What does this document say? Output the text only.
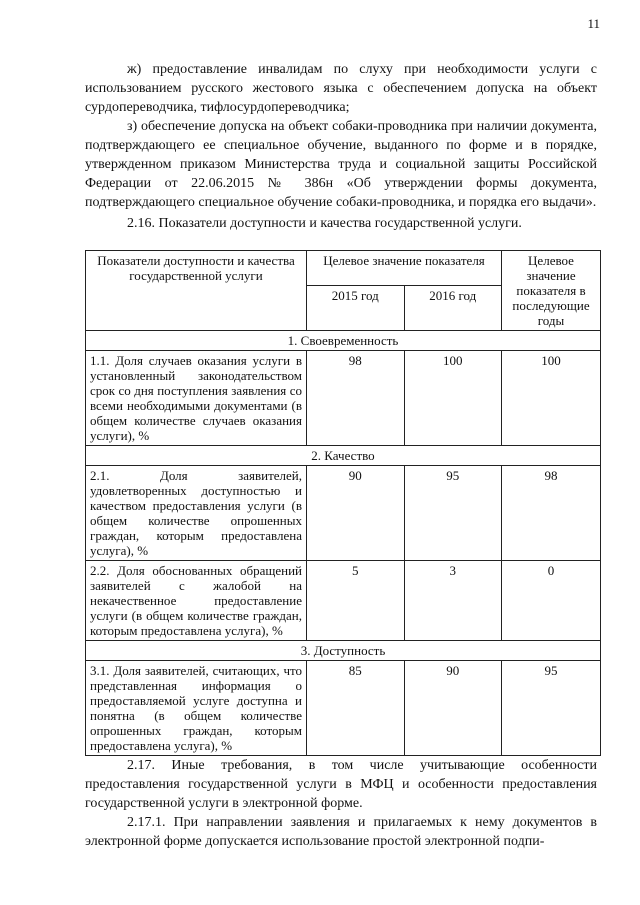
11

ж) предоставление инвалидам по слуху при необходимости услуги с использованием русского жестового языка с обеспечением допуска на объект сурдопереводчика, тифлосурдопереводчика;

з) обеспечение допуска на объект собаки-проводника при наличии документа, подтверждающего ее специальное обучение, выданного по форме и в порядке, утвержденном приказом Министерства труда и социальной защиты Российской Федерации от 22.06.2015 № 386н «Об утверждении формы документа, подтверждающего специальное обучение собаки-проводника, и порядка его выдачи».

2.16. Показатели доступности и качества государственной услуги.

Показатели доступности и качества государственной услуги	Целевое значение показателя		Целевое значение показателя в последующие годы
	2015 год	2016 год	
1. Своевременность			
1.1. Доля случаев оказания услуги в установленный законодательством срок со дня поступления заявления со всеми необходимыми документами (в общем количестве случаев оказания услуги), %	98	100	100
2. Качество			
2.1. Доля заявителей, удовлетворенных доступностью и качеством предоставления услуги (в общем количестве опрошенных граждан, которым предоставлена услуга), %	90	95	98
2.2. Доля обоснованных обращений заявителей с жалобой на некачественное предоставление услуги (в общем количестве граждан, которым предоставлена услуга), %	5	3	0
3. Доступность			
3.1. Доля заявителей, считающих, что представленная информация о предоставляемой услуге доступна и понятна (в общем количестве опрошенных граждан, которым предоставлена услуга), %	85	90	95

2.17. Иные требования, в том числе учитывающие особенности предоставления государственной услуги в МФЦ и особенности предоставления государственной услуги в электронной форме.

2.17.1. При направлении заявления и прилагаемых к нему документов в электронной форме допускается использование простой электронной подпи-
